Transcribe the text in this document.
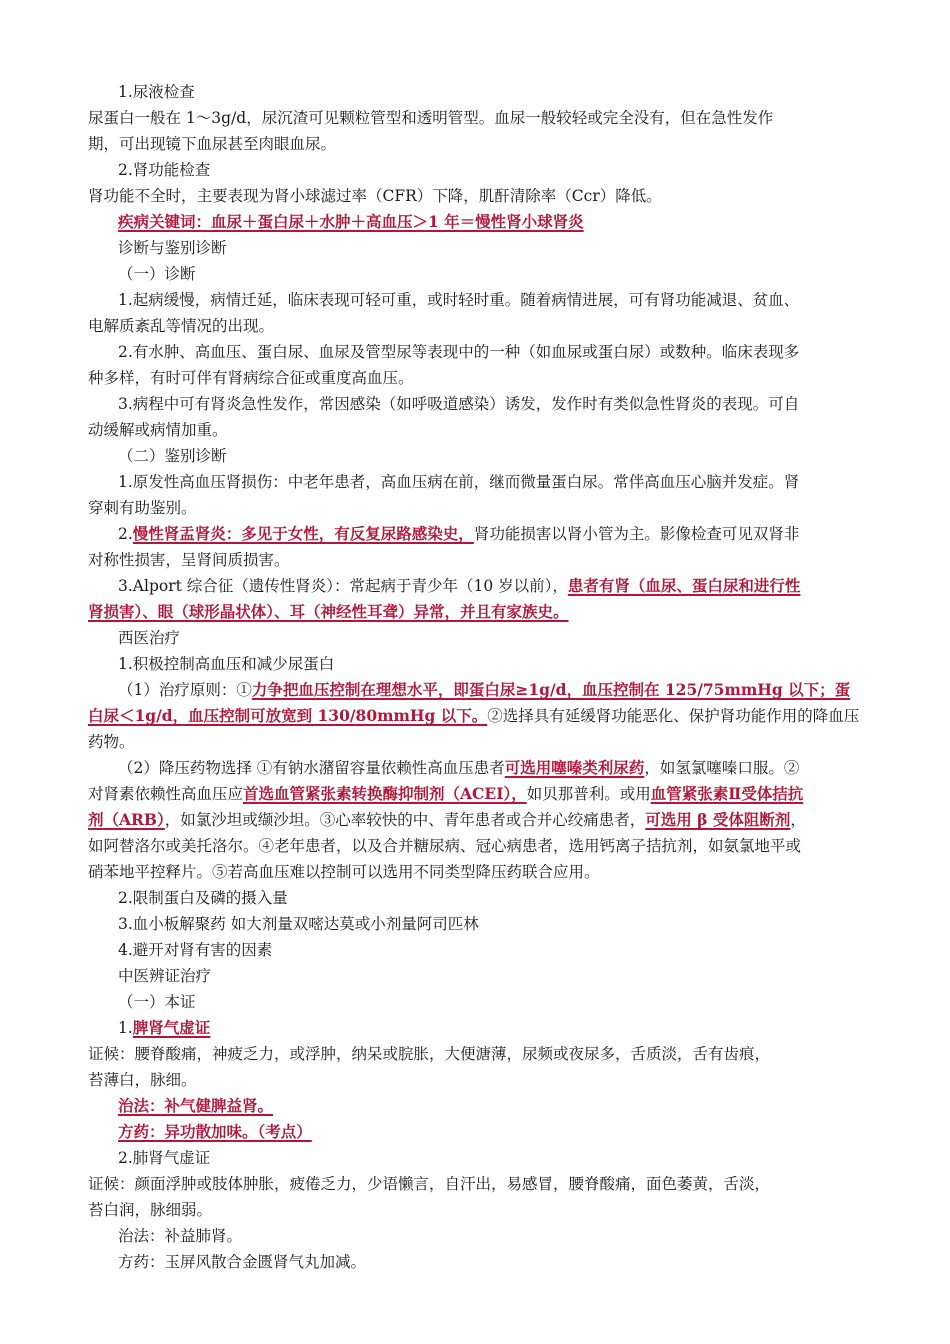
1.尿液检查
尿蛋白一般在 1～3g/d，尿沉渣可见颗粒管型和透明管型。血尿一般较轻或完全没有，但在急性发作
期，可出现镜下血尿甚至肉眼血尿。
2.肾功能检查
肾功能不全时，主要表现为肾小球滤过率（CFR）下降，肌酐清除率（Ccr）降低。
疾病关键词：血尿＋蛋白尿＋水肿＋高血压＞1 年＝慢性肾小球肾炎
诊断与鉴别诊断
（一）诊断
1.起病缓慢，病情迁延，临床表现可轻可重，或时轻时重。随着病情进展，可有肾功能减退、贫血、
电解质紊乱等情况的出现。
2.有水肿、高血压、蛋白尿、血尿及管型尿等表现中的一种（如血尿或蛋白尿）或数种。临床表现多
种多样，有时可伴有肾病综合征或重度高血压。
3.病程中可有肾炎急性发作，常因感染（如呼吸道感染）诱发，发作时有类似急性肾炎的表现。可自
动缓解或病情加重。
（二）鉴别诊断
1.原发性高血压肾损伤：中老年患者，高血压病在前，继而微量蛋白尿。常伴高血压心脑并发症。肾
穿刺有助鉴别。
2.慢性肾盂肾炎：多见于女性，有反复尿路感染史，肾功能损害以肾小管为主。影像检查可见双肾非
对称性损害，呈肾间质损害。
3.Alport 综合征（遗传性肾炎）：常起病于青少年（10 岁以前），患者有肾（血尿、蛋白尿和进行性
肾损害）、眼（球形晶状体）、耳（神经性耳聋）异常，并且有家族史。
西医治疗
1.积极控制高血压和减少尿蛋白
（1）治疗原则：①力争把血压控制在理想水平，即蛋白尿≥1g/d，血压控制在 125/75mmHg 以下；蛋
白尿＜1g/d，血压控制可放宽到 130/80mmHg 以下。②选择具有延缓肾功能恶化、保护肾功能作用的降血压
药物。
（2）降压药物选择 ①有钠水潴留容量依赖性高血压患者可选用噻嗪类利尿药，如氢氯噻嗪口服。②
对肾素依赖性高血压应首选血管紧张素转换酶抑制剂（ACEI），如贝那普利。或用血管紧张素Ⅱ受体拮抗
剂（ARB），如氯沙坦或缬沙坦。③心率较快的中、青年患者或合并心绞痛患者，可选用 β 受体阻断剂，
如阿替洛尔或美托洛尔。④老年患者，以及合并糖尿病、冠心病患者，选用钙离子拮抗剂，如氨氯地平或
硝苯地平控释片。⑤若高血压难以控制可以选用不同类型降压药联合应用。
2.限制蛋白及磷的摄入量
3.血小板解聚药 如大剂量双嘧达莫或小剂量阿司匹林
4.避开对肾有害的因素
中医辨证治疗
（一）本证
1.脾肾气虚证
证候：腰脊酸痛，神疲乏力，或浮肿，纳呆或脘胀，大便溏薄，尿频或夜尿多，舌质淡，舌有齿痕，
苔薄白，脉细。
治法：补气健脾益肾。
方药：异功散加味。（考点）
2.肺肾气虚证
证候：颜面浮肿或肢体肿胀，疲倦乏力，少语懒言，自汗出，易感冒，腰脊酸痛，面色萎黄，舌淡，
苔白润，脉细弱。
治法：补益肺肾。
方药：玉屏风散合金匮肾气丸加减。
